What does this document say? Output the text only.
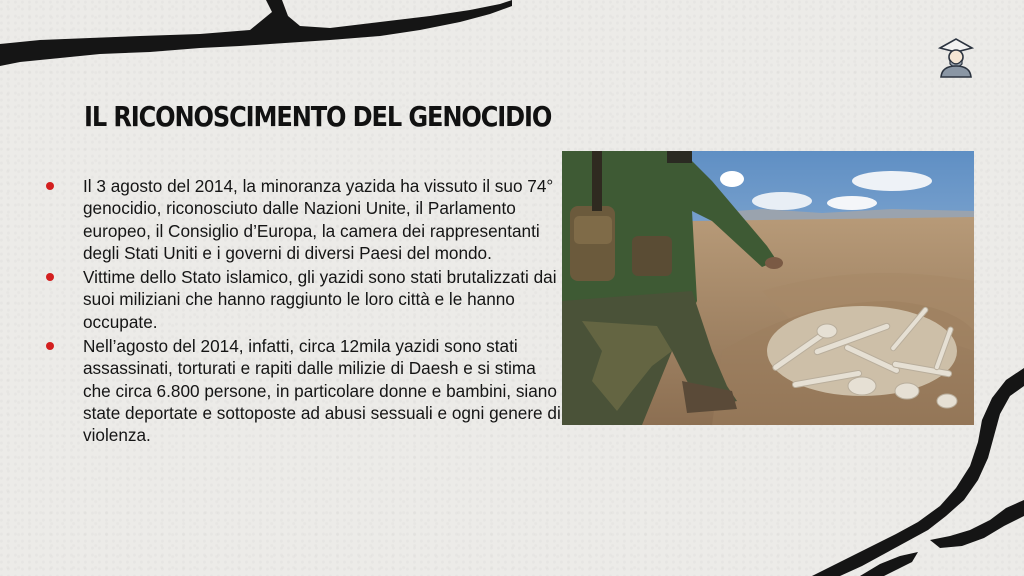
IL RICONOSCIMENTO DEL GENOCIDIO
Il 3 agosto del 2014, la minoranza yazida ha vissuto il suo 74° genocidio, riconosciuto dalle Nazioni Unite, il Parlamento europeo, il Consiglio d’Europa, la camera dei rappresentanti degli Stati Uniti e i governi di diversi Paesi del mondo.
Vittime dello Stato islamico, gli yazidi sono stati brutalizzati dai suoi miliziani che hanno raggiunto le loro città e le hanno occupate.
Nell’agosto del 2014, infatti, circa 12mila yazidi sono stati assassinati, torturati e rapiti dalle milizie di Daesh e si stima che circa 6.800 persone, in particolare donne e bambini, siano state deportate e sottoposte ad abusi sessuali e ogni genere di violenza.
